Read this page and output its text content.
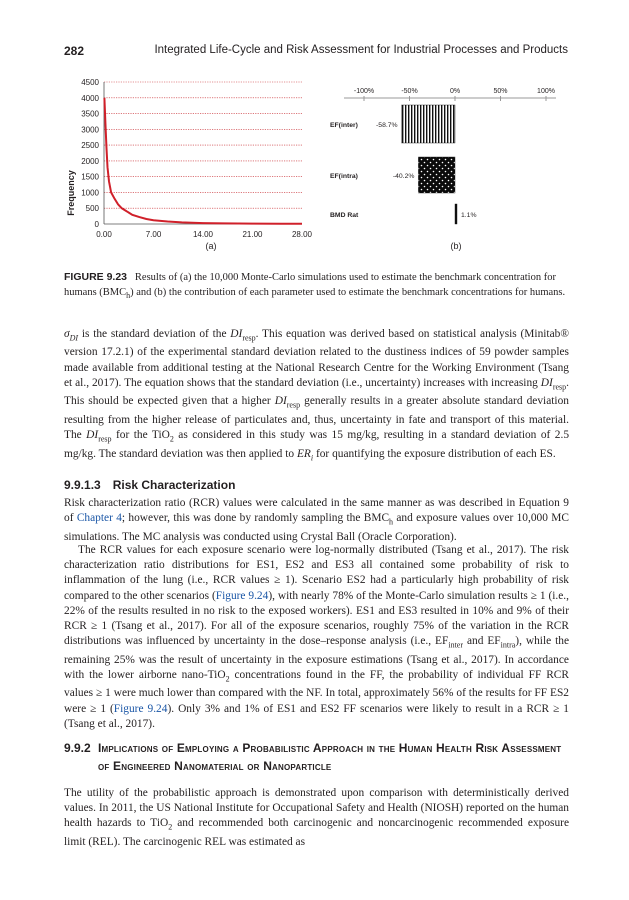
282	Integrated Life-Cycle and Risk Assessment for Industrial Processes and Products
0
500
1000
1500
2000
2500
3000
3500
4000
4500
0.00	7.00	14.00	21.00	28.00
Frequency
(a)
-100%	-50%	0%	50%	100%
EF(inter)	-58.7%
EF(intra)	-40.2%
BMD Rat	1.1%
(b)
FIGURE 9.23 Results of (a) the 10,000 Monte-Carlo simulations used to estimate the benchmark concentration for humans $(BMC_h)$ and (b) the contribution of each parameter used to estimate the benchmark concentrations for humans.

$\sigma_{DI}$ is the standard deviation of the $DI_{resp}$. This equation was derived based on statistical analysis (Minitab® version 17.2.1) of the experimental standard deviation related to the dustiness indices of 59 powder samples made available from additional testing at the National Research Centre for the Working Environment (Tsang et al., 2017). The equation shows that the standard deviation (i.e., uncertainty) increases with increasing $DI_{resp}$. This should be expected given that a higher $DI_{resp}$ generally results in a greater absolute standard deviation resulting from the higher release of particulates and, thus, uncertainty in fate and transport of this material. The $DI_{resp}$ for the TiO$_2$ as considered in this study was 15 mg/kg, resulting in a standard deviation of 2.5 mg/kg. The standard deviation was then applied to $ER_i$ for quantifying the exposure distribution of each ES.

9.9.1.3 Risk Characterization

Risk characterization ratio (RCR) values were calculated in the same manner as was described in Equation 9 of Chapter 4; however, this was done by randomly sampling the $BMC_h$ and exposure values over 10,000 MC simulations. The MC analysis was conducted using Crystal Ball (Oracle Corporation).

The RCR values for each exposure scenario were log-normally distributed (Tsang et al., 2017). The risk characterization ratio distributions for ES1, ES2 and ES3 all contained some probability of risk to inflammation of the lung (i.e., RCR values ≥ 1). Scenario ES2 had a particularly high probability of risk compared to the other scenarios (Figure 9.24), with nearly 78% of the Monte-Carlo simulation results ≥ 1 (i.e., 22% of the results resulted in no risk to the exposed workers). ES1 and ES3 resulted in 10% and 9% of their RCR ≥ 1 (Tsang et al., 2017). For all of the exposure scenarios, roughly 75% of the variation in the RCR distributions was influenced by uncertainty in the dose–response analysis (i.e., $EF_{inter}$ and $EF_{intra}$), while the remaining 25% was the result of uncertainty in the exposure estimations (Tsang et al., 2017). In accordance with the lower airborne nano-TiO$_2$ concentrations found in the FF, the probability of individual FF RCR values ≥ 1 were much lower than compared with the NF. In total, approximately 56% of the results for FF ES2 were ≥ 1 (Figure 9.24). Only 3% and 1% of ES1 and ES2 FF scenarios were likely to result in a RCR ≥ 1 (Tsang et al., 2017).

9.9.2 Implications of Employing a Probabilistic Approach in the Human Health Risk Assessment of Engineered Nanomaterial or Nanoparticle

The utility of the probabilistic approach is demonstrated upon comparison with deterministically derived values. In 2011, the US National Institute for Occupational Safety and Health (NIOSH) reported on the human health hazards to TiO$_2$ and recommended both carcinogenic and noncarcinogenic recommended exposure limit (REL). The carcinogenic REL was estimated as
